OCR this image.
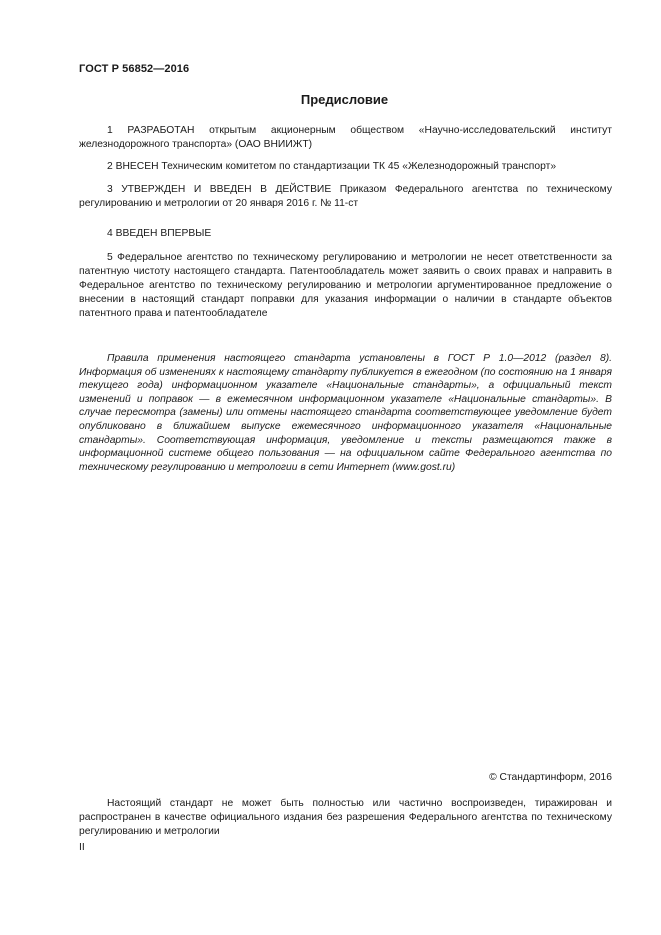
ГОСТ Р 56852—2016
Предисловие

1 РАЗРАБОТАН открытым акционерным обществом «Научно-исследовательский институт железнодорожного транспорта» (ОАО ВНИИЖТ)

2 ВНЕСЕН Техническим комитетом по стандартизации ТК 45 «Железнодорожный транспорт»

3 УТВЕРЖДЕН И ВВЕДЕН В ДЕЙСТВИЕ Приказом Федерального агентства по техническому регулированию и метрологии от 20 января 2016 г. № 11-ст

4 ВВЕДЕН ВПЕРВЫЕ

5 Федеральное агентство по техническому регулированию и метрологии не несет ответственности за патентную чистоту настоящего стандарта. Патентообладатель может заявить о своих правах и направить в Федеральное агентство по техническому регулированию и метрологии аргументированное предложение о внесении в настоящий стандарт поправки для указания информации о наличии в стандарте объектов патентного права и патентообладателе

Правила применения настоящего стандарта установлены в ГОСТ Р 1.0—2012 (раздел 8). Информация об изменениях к настоящему стандарту публикуется в ежегодном (по состоянию на 1 января текущего года) информационном указателе «Национальные стандарты», а официальный текст изменений и поправок — в ежемесячном информационном указателе «Национальные стандарты». В случае пересмотра (замены) или отмены настоящего стандарта соответствующее уведомление будет опубликовано в ближайшем выпуске ежемесячного информационного указателя «Национальные стандарты». Соответствующая информация, уведомление и тексты размещаются также в информационной системе общего пользования — на официальном сайте Федерального агентства по техническому регулированию и метрологии в сети Интернет (www.gost.ru)

© Стандартинформ, 2016

Настоящий стандарт не может быть полностью или частично воспроизведен, тиражирован и распространен в качестве официального издания без разрешения Федерального агентства по техническому регулированию и метрологии

II
